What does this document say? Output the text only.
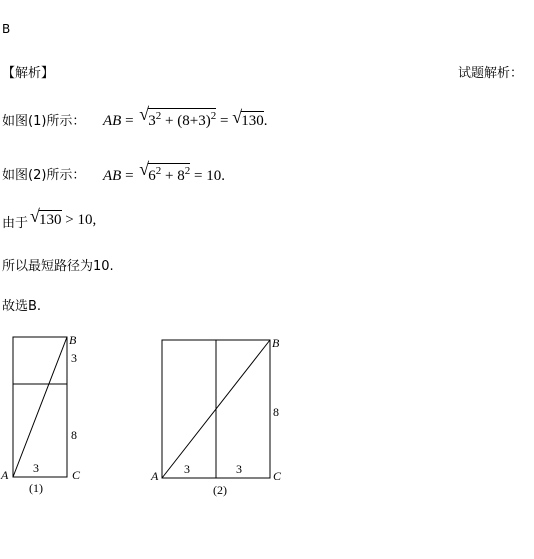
B
【解析】	试题解析：
如图(1)所示： AB = √ $3^2 + (8+3)^2$ = √ 130.
如图(2)所示： AB = √ $6^2 + 8^2 = 10$.
由于 √ 130 > 10,
所以最短路径为10.
故选B.
B
A	C
3
8
3
(1)
B
A	C
8
3	3
(2)
